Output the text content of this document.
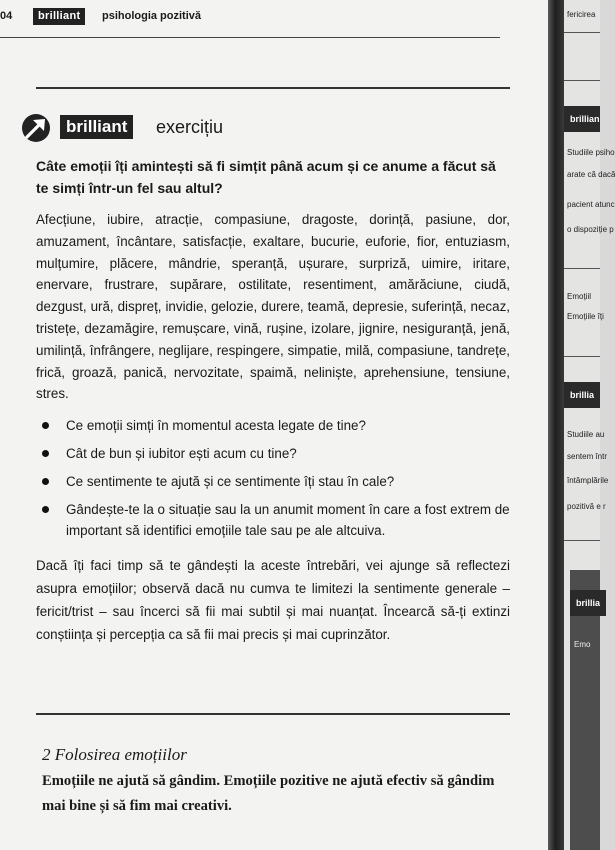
04	brilliant	psihologia pozitivă
brilliant	exercițiu

Câte emoții îți amintești să fi simțit până acum și ce anume a făcut să te simți într-un fel sau altul?

Afecțiune, iubire, atracție, compasiune, dragoste, dorință, pasiune, dor, amuzament, încântare, satisfacție, exaltare, bucurie, euforie, fior, entuziasm, mulțumire, plăcere, mândrie, speranță, ușurare, surpriză, uimire, iritare, enervare, frustrare, supărare, ostilitate, resentiment, amărăciune, ciudă, dezgust, ură, dispreț, invidie, gelozie, durere, teamă, depresie, suferință, necaz, tristețe, dezamăgire, remușcare, vină, rușine, izolare, jignire, nesiguranță, jenă, umilință, înfrângere, neglijare, respingere, simpatie, milă, compasiune, tandrețe, frică, groază, panică, nervozitate, spaimă, neliniște, aprehensiune, tensiune, stres.

Ce emoții simți în momentul acesta legate de tine?
Cât de bun și iubitor ești acum cu tine?
Ce sentimente te ajută și ce sentimente îți stau în cale?
Gândește-te la o situație sau la un anumit moment în care a fost extrem de important să identifici emoțiile tale sau pe ale altcuiva.

Dacă îți faci timp să te gândești la aceste întrebări, vei ajunge să reflectezi asupra emoțiilor; observă dacă nu cumva te limitezi la sentimente generale – fericit/trist – sau încerci să fii mai subtil și mai nuanțat. Încearcă să-ți extinzi conștiința și percepția ca să fii mai precis și mai cuprinzător.

2 Folosirea emoțiilor
Emoțiile ne ajută să gândim. Emoțiile pozitive ne ajută efectiv să gândim mai bine și să fim mai creativi.
fericirea
brillian
Studiile psiho
arate că dacă
pacient atunc
o dispoziție p
Emoțiil
Emoțiile îți
brillia
Studiile au
sentem într
întâmplările
pozitivă e r
brillia
Emo
